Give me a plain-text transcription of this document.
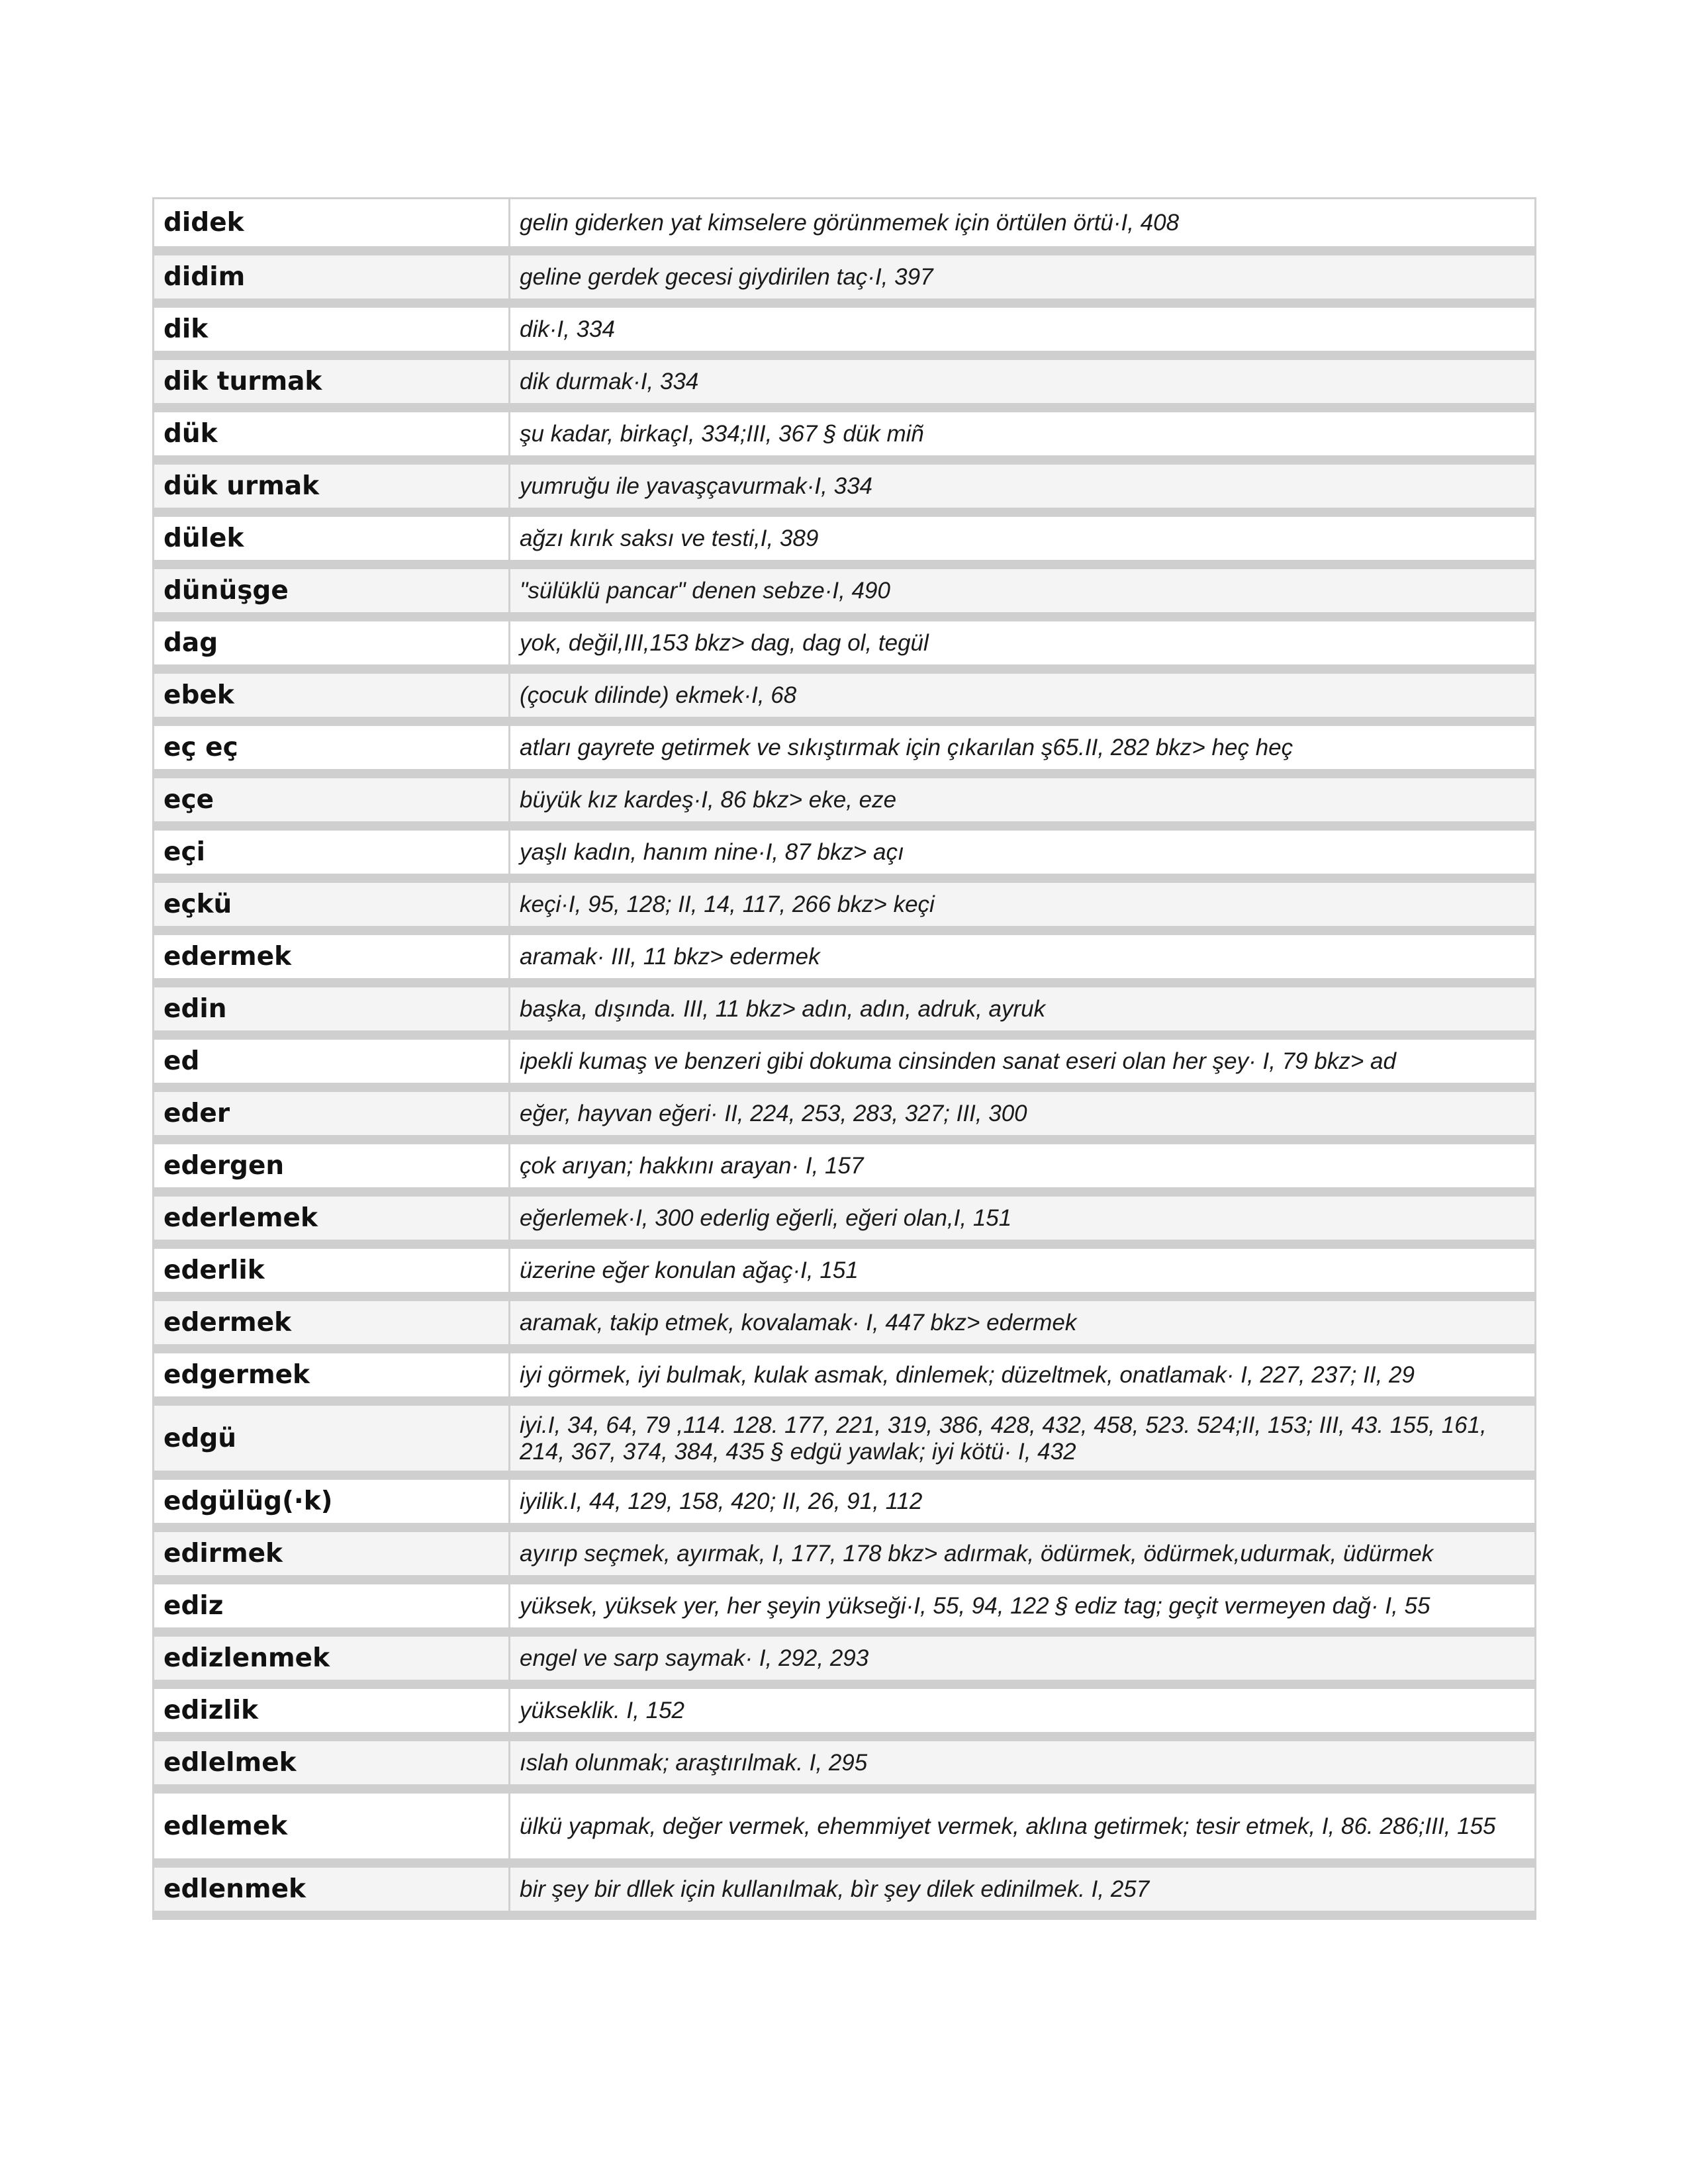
didek	gelin giderken yat kimselere görünmemek için örtülen örtü·I, 408
didim	geline gerdek gecesi giydirilen taç·I, 397
dik	dik·I, 334
dik turmak	dik durmak·I, 334
dük	şu kadar, birkaçI, 334;III, 367 § dük miñ
dük urmak	yumruğu ile yavaşçavurmak·I, 334
dülek	ağzı kırık saksı ve testi,I, 389
dünüşge	"sülüklü pancar" denen sebze·I, 490
dag	yok, değil,III,153 bkz> dag, dag ol, tegül
ebek	(çocuk dilinde) ekmek·I, 68
eç eç	atları gayrete getirmek ve sıkıştırmak için çıkarılan ş65.II, 282 bkz> heç heç
eçe	büyük kız kardeş·I, 86 bkz> eke, eze
eçi	yaşlı kadın, hanım nine·I, 87 bkz> açı
eçkü	keçi·I, 95, 128; II, 14, 117, 266 bkz> keçi
edermek	aramak· III, 11 bkz> edermek
edin	başka, dışında. III, 11 bkz> adın, adın, adruk, ayruk
ed	ipekli kumaş ve benzeri gibi dokuma cinsinden sanat eseri olan her şey· I, 79 bkz> ad
eder	eğer, hayvan eğeri· II, 224, 253, 283, 327; III, 300
edergen	çok arıyan; hakkını arayan· I, 157
ederlemek	eğerlemek·I, 300 ederlig eğerli, eğeri olan,I, 151
ederlik	üzerine eğer konulan ağaç·I, 151
edermek	aramak, takip etmek, kovalamak· I, 447 bkz> edermek
edgermek	iyi görmek, iyi bulmak, kulak asmak, dinlemek; düzeltmek, onatlamak· I, 227, 237; II, 29
edgü	iyi.I, 34, 64, 79 ,114. 128. 177, 221, 319, 386, 428, 432, 458, 523. 524;II, 153; III, 43. 155, 161, 214, 367, 374, 384, 435 § edgü yawlak; iyi kötü· I, 432
edgülüg(·k)	iyilik.I, 44, 129, 158, 420; II, 26, 91, 112
edirmek	ayırıp seçmek, ayırmak, I, 177, 178 bkz> adırmak, ödürmek, ödürmek,udurmak, üdürmek
ediz	yüksek, yüksek yer, her şeyin yükseği·I, 55, 94, 122 § ediz tag; geçit vermeyen dağ· I, 55
edizlenmek	engel ve sarp saymak· I, 292, 293
edizlik	yükseklik. I, 152
edlelmek	ıslah olunmak; araştırılmak. I, 295
edlemek	ülkü yapmak, değer vermek, ehemmiyet vermek, aklına getirmek; tesir etmek, I, 86. 286;III, 155
edlenmek	bir şey bir dllek için kullanılmak, bìr şey dilek edinilmek. I, 257
